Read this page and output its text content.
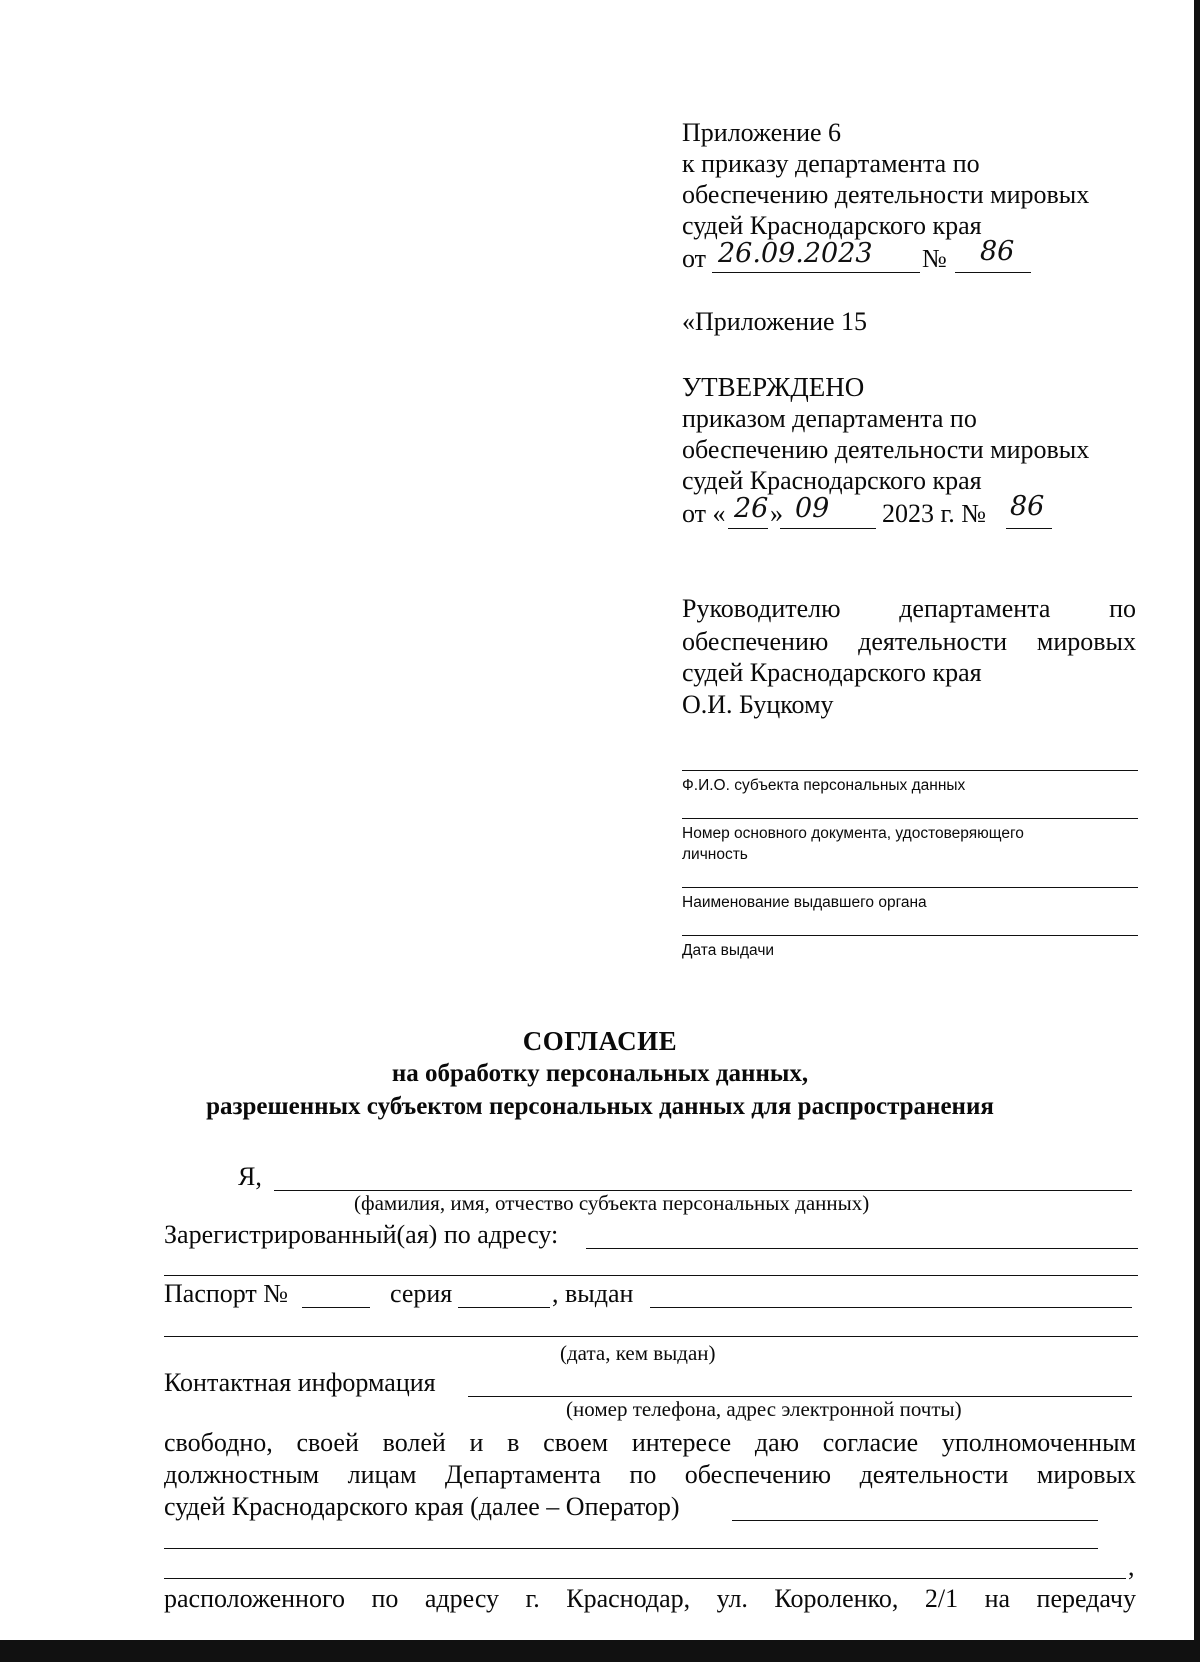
Приложение 6
к приказу департамента по
обеспечению деятельности мировых
судей Краснодарского края
от 26.09.2023 № 86
«Приложение 15
УТВЕРЖДЕНО
приказом департамента по
обеспечению деятельности мировых
судей Краснодарского края
от « 26 » 09 2023 г. № 86
Руководителю департамента по
обеспечению деятельности мировых
судей Краснодарского края
О.И. Буцкому
Ф.И.О. субъекта персональных данных
Номер основного документа, удостоверяющего
личность
Наименование выдавшего органа
Дата выдачи
СОГЛАСИЕ
на обработку персональных данных,
разрешенных субъектом персональных данных для распространения
Я,
(фамилия, имя, отчество субъекта персональных данных)
Зарегистрированный(ая) по адресу:
Паспорт №	серия	, выдан
(дата, кем выдан)
Контактная информация
(номер телефона, адрес электронной почты)
свободно, своей волей и в своем интересе даю согласие уполномоченным
должностным лицам Департамента по обеспечению деятельности мировых
судей Краснодарского края (далее – Оператор)
,
расположенного по адресу г. Краснодар, ул. Короленко, 2/1 на передачу
